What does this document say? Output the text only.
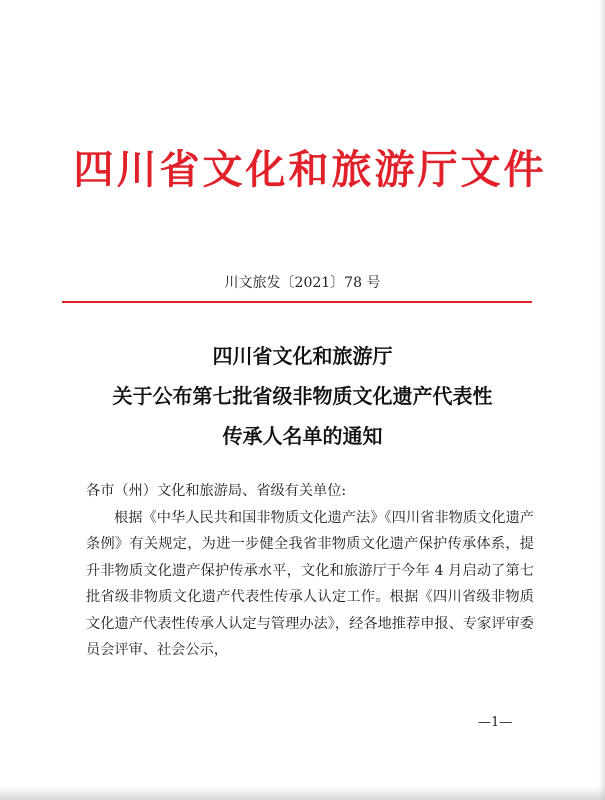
四川省文化和旅游厅文件
川文旅发〔2021〕78 号
四川省文化和旅游厅
关于公布第七批省级非物质文化遗产代表性
传承人名单的通知

各市（州）文化和旅游局、省级有关单位:

根据《中华人民共和国非物质文化遗产法》《四川省非物质文化遗产条例》有关规定，为进一步健全我省非物质文化遗产保护传承体系，提升非物质文化遗产保护传承水平，文化和旅游厅于今年 4 月启动了第七批省级非物质文化遗产代表性传承人认定工作。根据《四川省级非物质文化遗产代表性传承人认定与管理办法》，经各地推荐申报、专家评审委员会评审、社会公示，

—1—
